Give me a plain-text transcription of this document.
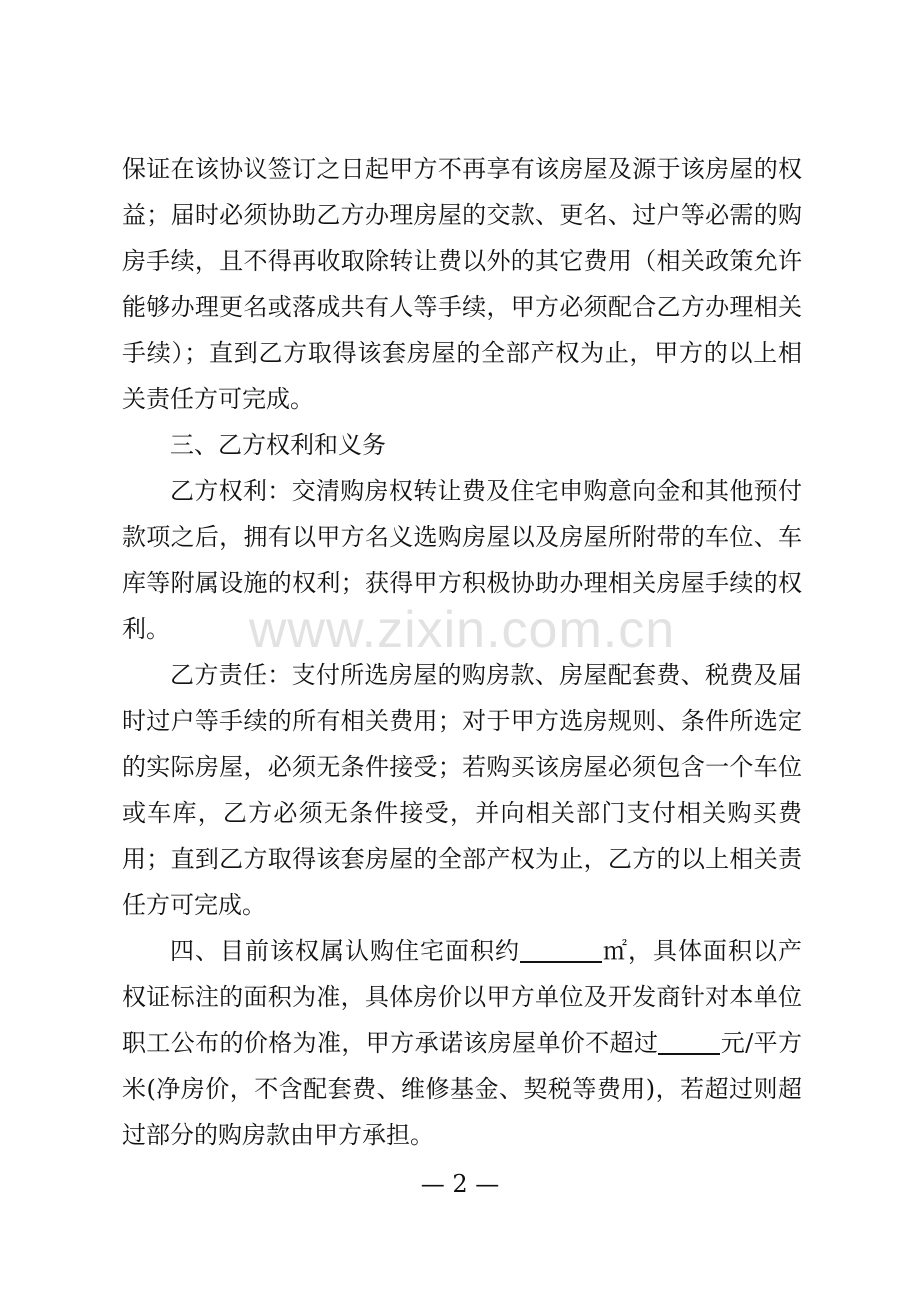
www.zixin.com.cn

保证在该协议签订之日起甲方不再享有该房屋及源于该房屋的权益；届时必须协助乙方办理房屋的交款、更名、过户等必需的购房手续，且不得再收取除转让费以外的其它费用（相关政策允许能够办理更名或落成共有人等手续，甲方必须配合乙方办理相关手续）；直到乙方取得该套房屋的全部产权为止，甲方的以上相关责任方可完成。

三、乙方权利和义务

乙方权利：交清购房权转让费及住宅申购意向金和其他预付款项之后，拥有以甲方名义选购房屋以及房屋所附带的车位、车库等附属设施的权利；获得甲方积极协助办理相关房屋手续的权利。

乙方责任：支付所选房屋的购房款、房屋配套费、税费及届时过户等手续的所有相关费用；对于甲方选房规则、条件所选定的实际房屋，必须无条件接受；若购买该房屋必须包含一个车位或车库，乙方必须无条件接受，并向相关部门支付相关购买费用；直到乙方取得该套房屋的全部产权为止，乙方的以上相关责任方可完成。

四、目前该权属认购住宅面积约	㎡，具体面积以产权证标注的面积为准，具体房价以甲方单位及开发商针对本单位职工公布的价格为准，甲方承诺该房屋单价不超过	元/平方米(净房价，不含配套费、维修基金、契税等费用)，若超过则超过部分的购房款由甲方承担。

— 2 —
